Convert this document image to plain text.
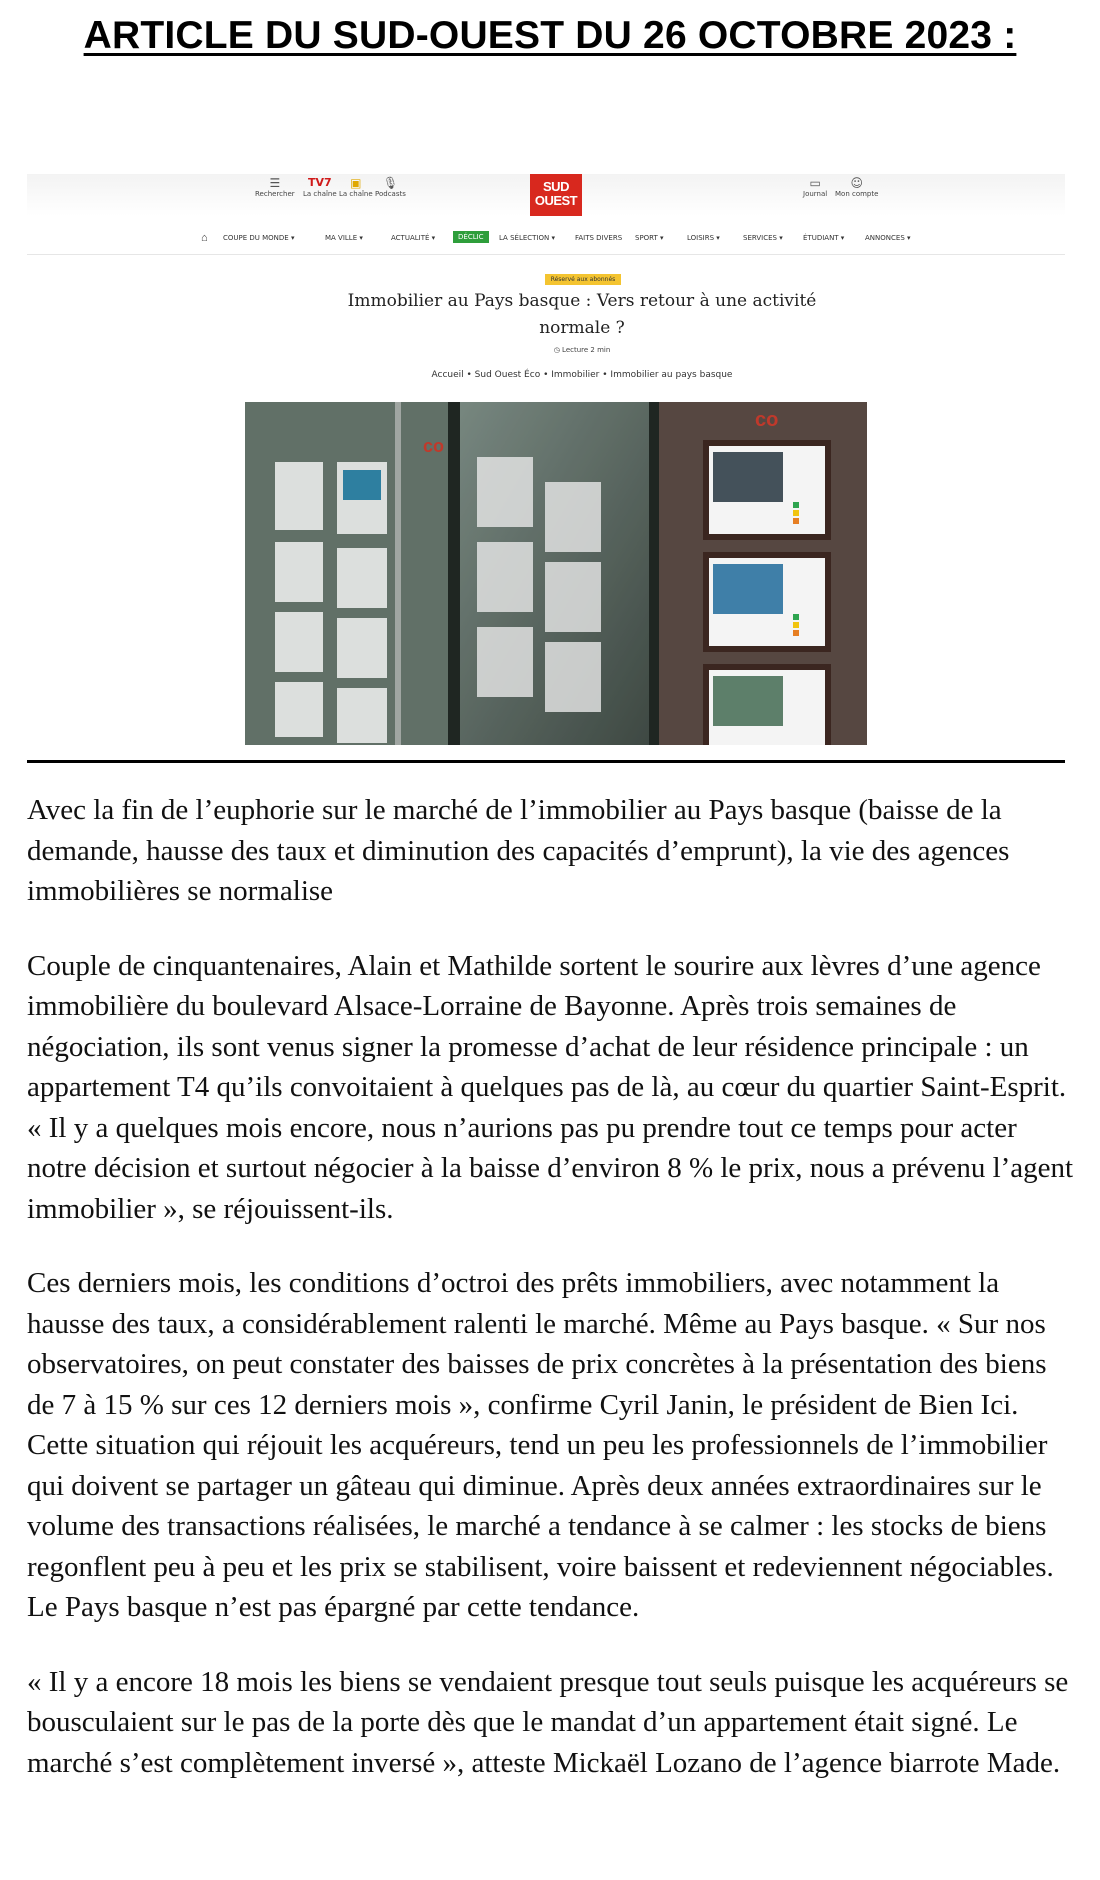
ARTICLE DU SUD-OUEST DU 26 OCTOBRE 2023 :
☰
Rechercher
TV7
La chaîne
▣
La chaîne
🎙
Podcasts	SUD OUEST
▭
Journal
☺
Mon compte
⌂ COUPE DU MONDE ▾	MA VILLE ▾	ACTUALITÉ ▾	DÉCLIC	LA SÉLECTION ▾	FAITS DIVERS SPORT ▾	LOISIRS ▾	SERVICES ▾	ÉTUDIANT ▾	ANNONCES ▾
Réservé aux abonnés
Immobilier au Pays basque : Vers retour à une activité normale ?
◷ Lecture 2 min
Accueil • Sud Ouest Éco • Immobilier • Immobilier au pays basque
co
co

Avec la fin de l’euphorie sur le marché de l’immobilier au Pays basque (baisse de la demande, hausse des taux et diminution des capacités d’emprunt), la vie des agences immobilières se normalise

Couple de cinquantenaires, Alain et Mathilde sortent le sourire aux lèvres d’une agence immobilière du boulevard Alsace-Lorraine de Bayonne. Après trois semaines de négociation, ils sont venus signer la promesse d’achat de leur résidence principale : un appartement T4 qu’ils convoitaient à quelques pas de là, au cœur du quartier Saint-Esprit. « Il y a quelques mois encore, nous n’aurions pas pu prendre tout ce temps pour acter notre décision et surtout négocier à la baisse d’environ 8 % le prix, nous a prévenu l’agent immobilier », se réjouissent-ils.

Ces derniers mois, les conditions d’octroi des prêts immobiliers, avec notamment la hausse des taux, a considérablement ralenti le marché. Même au Pays basque. « Sur nos observatoires, on peut constater des baisses de prix concrètes à la présentation des biens de 7 à 15 % sur ces 12 derniers mois », confirme Cyril Janin, le président de Bien Ici. Cette situation qui réjouit les acquéreurs, tend un peu les professionnels de l’immobilier qui doivent se partager un gâteau qui diminue. Après deux années extraordinaires sur le volume des transactions réalisées, le marché a tendance à se calmer : les stocks de biens regonflent peu à peu et les prix se stabilisent, voire baissent et redeviennent négociables. Le Pays basque n’est pas épargné par cette tendance.

« Il y a encore 18 mois les biens se vendaient presque tout seuls puisque les acquéreurs se bousculaient sur le pas de la porte dès que le mandat d’un appartement était signé. Le marché s’est complètement inversé », atteste Mickaël Lozano de l’agence biarrote Made.
